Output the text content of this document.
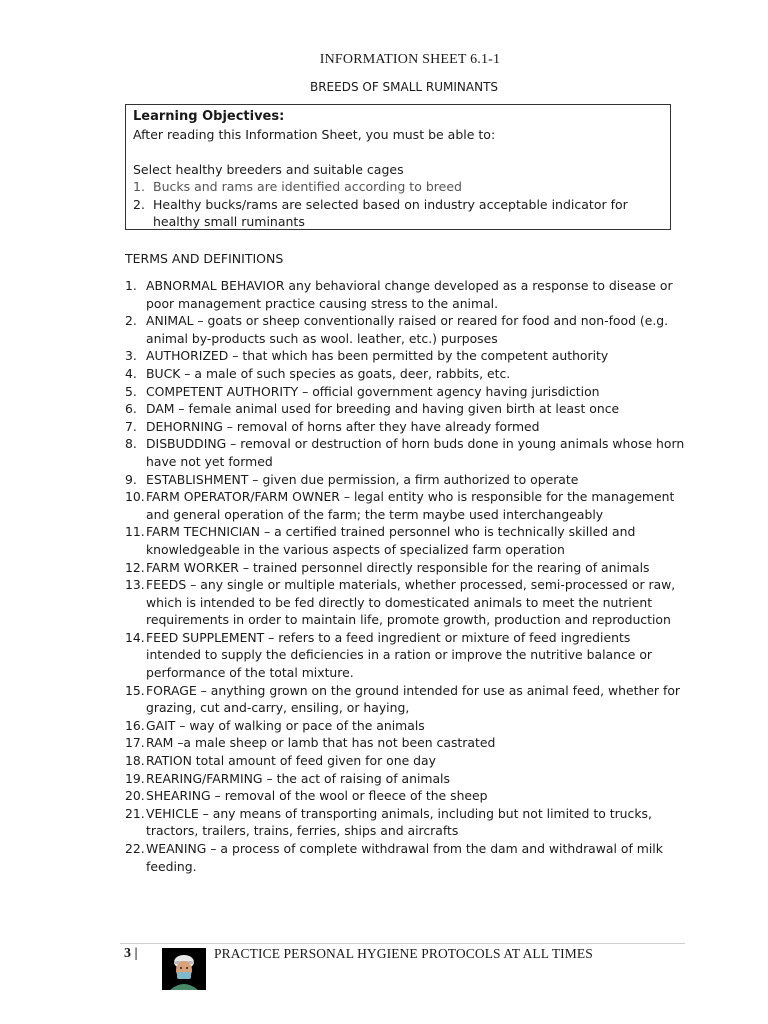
INFORMATION SHEET 6.1-1
BREEDS OF SMALL RUMINANTS
Learning Objectives:
After reading this Information Sheet, you must be able to:
Select healthy breeders and suitable cages
1. Bucks and rams are identified according to breed
2. Healthy bucks/rams are selected based on industry acceptable indicator for healthy small ruminants
TERMS AND DEFINITIONS
1. ABNORMAL BEHAVIOR any behavioral change developed as a response to disease or poor management practice causing stress to the animal.
2. ANIMAL – goats or sheep conventionally raised or reared for food and non-food (e.g. animal by-products such as wool. leather, etc.) purposes
3. AUTHORIZED – that which has been permitted by the competent authority
4. BUCK – a male of such species as goats, deer, rabbits, etc.
5. COMPETENT AUTHORITY – official government agency having jurisdiction
6. DAM – female animal used for breeding and having given birth at least once
7. DEHORNING – removal of horns after they have already formed
8. DISBUDDING – removal or destruction of horn buds done in young animals whose horn have not yet formed
9. ESTABLISHMENT – given due permission, a firm authorized to operate
10. FARM OPERATOR/FARM OWNER – legal entity who is responsible for the management and general operation of the farm; the term maybe used interchangeably
11. FARM TECHNICIAN – a certified trained personnel who is technically skilled and knowledgeable in the various aspects of specialized farm operation
12. FARM WORKER – trained personnel directly responsible for the rearing of animals
13. FEEDS – any single or multiple materials, whether processed, semi-processed or raw, which is intended to be fed directly to domesticated animals to meet the nutrient requirements in order to maintain life, promote growth, production and reproduction
14. FEED SUPPLEMENT – refers to a feed ingredient or mixture of feed ingredients intended to supply the deficiencies in a ration or improve the nutritive balance or performance of the total mixture.
15. FORAGE – anything grown on the ground intended for use as animal feed, whether for grazing, cut and-carry, ensiling, or haying,
16. GAIT – way of walking or pace of the animals
17. RAM –a male sheep or lamb that has not been castrated
18. RATION total amount of feed given for one day
19. REARING/FARMING – the act of raising of animals
20. SHEARING – removal of the wool or fleece of the sheep
21. VEHICLE – any means of transporting animals, including but not limited to trucks, tractors, trailers, trains, ferries, ships and aircrafts
22. WEANING – a process of complete withdrawal from the dam and withdrawal of milk feeding.
3 |	PRACTICE PERSONAL HYGIENE PROTOCOLS AT ALL TIMES
